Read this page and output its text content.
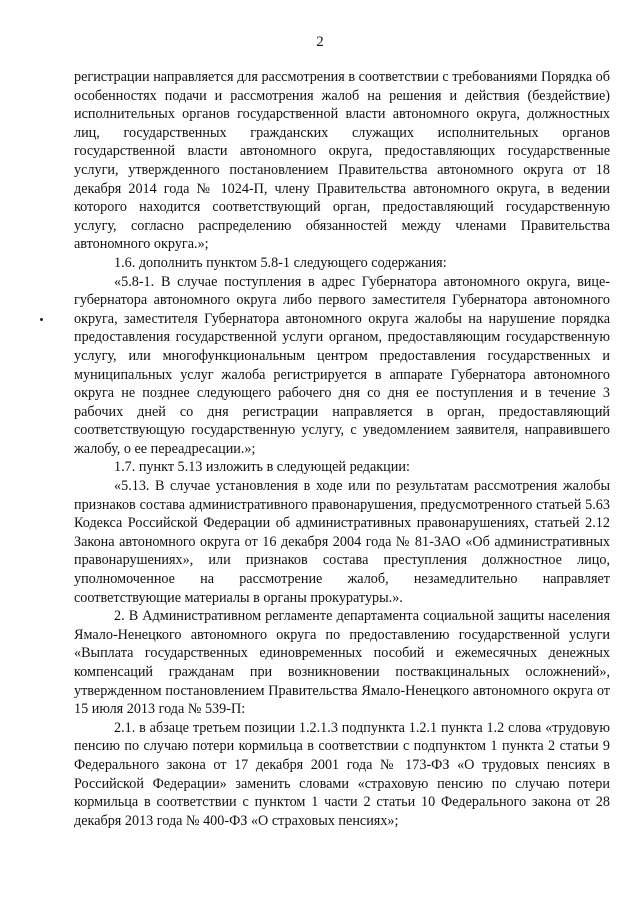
2

регистрации направляется для рассмотрения в соответствии с требованиями Порядка об особенностях подачи и рассмотрения жалоб на решения и действия (бездействие) исполнительных органов государственной власти автономного округа, должностных лиц, государственных гражданских служащих исполнительных органов государственной власти автономного округа, предоставляющих государственные услуги, утвержденного постановлением Правительства автономного округа от 18 декабря 2014 года № 1024-П, члену Правительства автономного округа, в ведении которого находится соответствующий орган, предоставляющий государственную услугу, согласно распределению обязанностей между членами Правительства автономного округа.»;

1.6. дополнить пунктом 5.8-1 следующего содержания:

«5.8-1. В случае поступления в адрес Губернатора автономного округа, вице-губернатора автономного округа либо первого заместителя Губернатора автономного округа, заместителя Губернатора автономного округа жалобы на нарушение порядка предоставления государственной услуги органом, предоставляющим государственную услугу, или многофункциональным центром предоставления государственных и муниципальных услуг жалоба регистрируется в аппарате Губернатора автономного округа не позднее следующего рабочего дня со дня ее поступления и в течение 3 рабочих дней со дня регистрации направляется в орган, предоставляющий соответствующую государственную услугу, с уведомлением заявителя, направившего жалобу, о ее переадресации.»;

1.7. пункт 5.13 изложить в следующей редакции:

«5.13. В случае установления в ходе или по результатам рассмотрения жалобы признаков состава административного правонарушения, предусмотренного статьей 5.63 Кодекса Российской Федерации об административных правонарушениях, статьей 2.12 Закона автономного округа от 16 декабря 2004 года № 81-ЗАО «Об административных правонарушениях», или признаков состава преступления должностное лицо, уполномоченное на рассмотрение жалоб, незамедлительно направляет соответствующие материалы в органы прокуратуры.».

2. В Административном регламенте департамента социальной защиты населения Ямало-Ненецкого автономного округа по предоставлению государственной услуги «Выплата государственных единовременных пособий и ежемесячных денежных компенсаций гражданам при возникновении поствакцинальных осложнений», утвержденном постановлением Правительства Ямало-Ненецкого автономного округа от 15 июля 2013 года № 539-П:

2.1. в абзаце третьем позиции 1.2.1.3 подпункта 1.2.1 пункта 1.2 слова «трудовую пенсию по случаю потери кормильца в соответствии с подпунктом 1 пункта 2 статьи 9 Федерального закона от 17 декабря 2001 года № 173-ФЗ «О трудовых пенсиях в Российской Федерации» заменить словами «страховую пенсию по случаю потери кормильца в соответствии с пунктом 1 части 2 статьи 10 Федерального закона от 28 декабря 2013 года № 400-ФЗ «О страховых пенсиях»;
